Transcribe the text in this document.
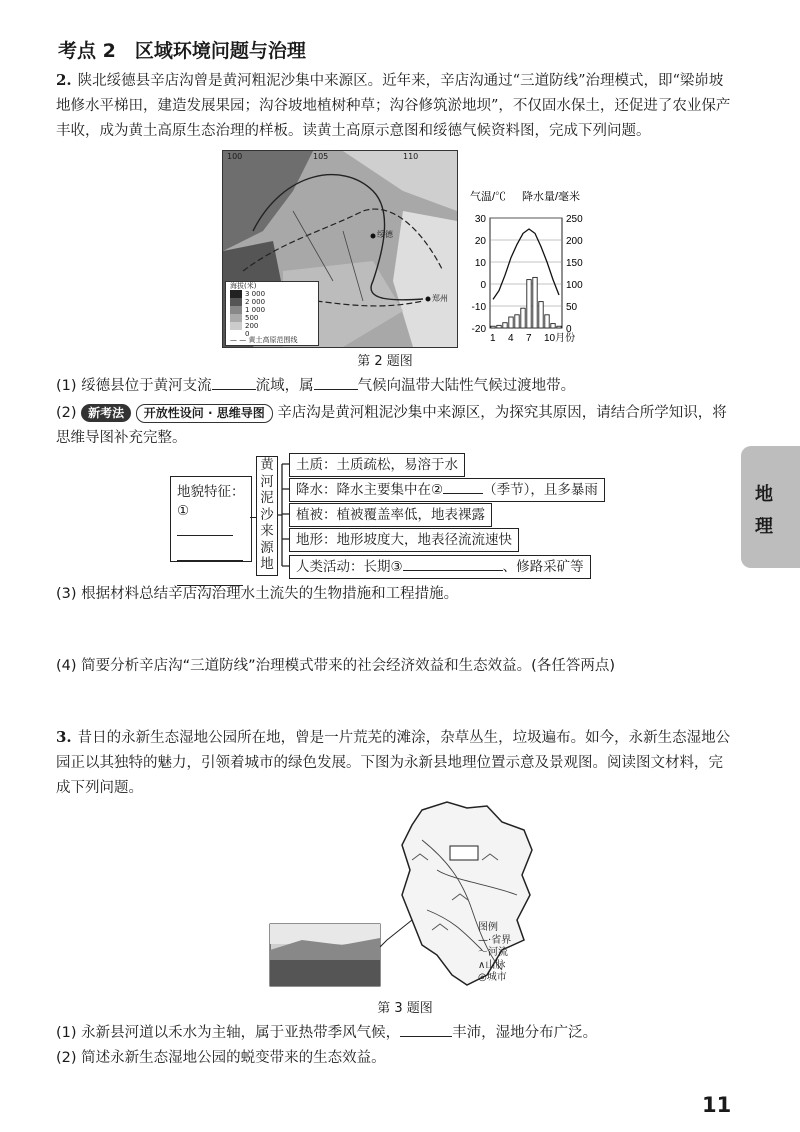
考点 2　区域环境问题与治理
2. 陕北绥德县辛店沟曾是黄河粗泥沙集中来源区。近年来，辛店沟通过“三道防线”治理模式，即“梁峁坡地修水平梯田，建造发展果园；沟谷坡地植树种草；沟谷修筑淤地坝”，不仅固水保土，还促进了农业保产丰收，成为黄土高原生态治理的样板。读黄土高原示意图和绥德气候资料图，完成下列问题。
100	105	110
绥德
郑州
海拔(米)
3 000
2 000
1 000
500
200
0
— — 黄土高原范围线
气温/℃ 降水量/毫米
30
20
10
0
-10
-20
250
200
150
100
50
0
1 4 7 10月份
第 2 题图
(1) 绥德县位于黄河支流	流域，属	气候向温带大陆性气候过渡地带。
(2) 新考法 开放性设问 · 思维导图 辛店沟是黄河粗泥沙集中来源区，为探究其原因，请结合所学知识，将思维导图补充完整。
地貌特征：
①
黄
河
泥
沙
来
源
地
土质：土质疏松，易溶于水
降水：降水主要集中在②	（季节），且多暴雨
植被：植被覆盖率低，地表裸露
地形：地形坡度大，地表径流流速快
人类活动：长期③	、修路采矿等
(3) 根据材料总结辛店沟治理水土流失的生物措施和工程措施。
(4) 简要分析辛店沟“三道防线”治理模式带来的社会经济效益和生态效益。(各任答两点)
3. 昔日的永新生态湿地公园所在地，曾是一片荒芜的滩涂，杂草丛生，垃圾遍布。如今，永新生态湿地公园正以其独特的魅力，引领着城市的绿色发展。下图为永新县地理位置示意及景观图。阅读图文材料，完成下列问题。
图例
—·省界
〜河流
∧山脉
◎城市
第 3 题图
(1) 永新县河道以禾水为主轴，属于亚热带季风气候，	丰沛，湿地分布广泛。
(2) 简述永新生态湿地公园的蜕变带来的生态效益。
地
理
11
